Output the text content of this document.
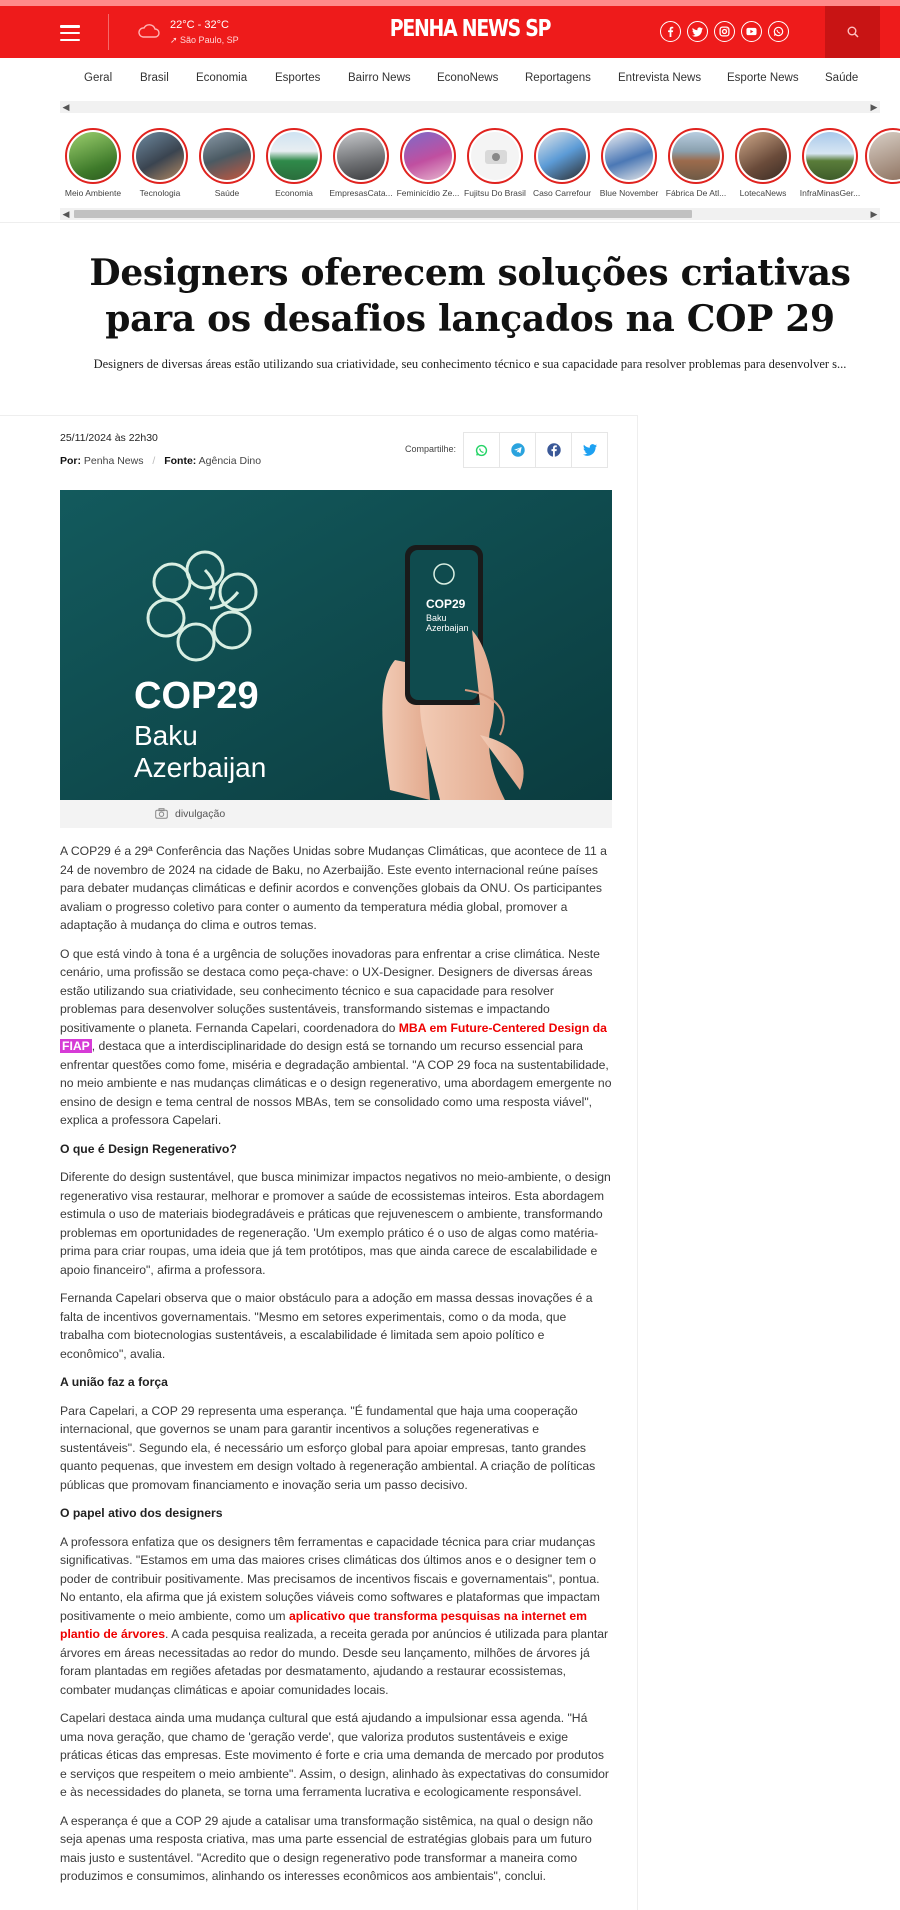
22°C - 32°C
➚ São Paulo, SP	PENHA NEWS SP
Geral Brasil Economia Esportes Bairro News EconoNews Reportagens Entrevista News Esporte News Saúde
◀	▶
Meio Ambiente	Tecnologia	Saúde	Economia	EmpresasCata... Feminicídio Ze... Fujitsu Do Brasil Caso Carrefour	Blue November Fábrica De Atl...	LotecaNews	InfraMinasGer...
◀	▶
Designers oferecem soluções criativas para os desafios lançados na COP 29

Designers de diversas áreas estão utilizando sua criatividade, seu conhecimento técnico e sua capacidade para resolver problemas para desenvolver s...

25/11/2024 às 22h30
Por: Penha News / Fonte: Agência Dino
Compartilhe:
COP29
Baku
Azerbaijan
COP29
Baku
Azerbaijan
divulgação

A COP29 é a 29ª Conferência das Nações Unidas sobre Mudanças Climáticas, que acontece de 11 a 24 de novembro de 2024 na cidade de Baku, no Azerbaijão. Este evento internacional reúne países para debater mudanças climáticas e definir acordos e convenções globais da ONU. Os participantes avaliam o progresso coletivo para conter o aumento da temperatura média global, promover a adaptação à mudança do clima e outros temas.

O que está vindo à tona é a urgência de soluções inovadoras para enfrentar a crise climática. Neste cenário, uma profissão se destaca como peça-chave: o UX-Designer. Designers de diversas áreas estão utilizando sua criatividade, seu conhecimento técnico e sua capacidade para resolver problemas para desenvolver soluções sustentáveis, transformando sistemas e impactando positivamente o planeta. Fernanda Capelari, coordenadora do MBA em Future-Centered Design da FIAP , destaca que a interdisciplinaridade do design está se tornando um recurso essencial para enfrentar questões como fome, miséria e degradação ambiental. "A COP 29 foca na sustentabilidade, no meio ambiente e nas mudanças climáticas e o design regenerativo, uma abordagem emergente no ensino de design e tema central de nossos MBAs, tem se consolidado como uma resposta viável", explica a professora Capelari.

O que é Design Regenerativo?

Diferente do design sustentável, que busca minimizar impactos negativos no meio-ambiente, o design regenerativo visa restaurar, melhorar e promover a saúde de ecossistemas inteiros. Esta abordagem estimula o uso de materiais biodegradáveis e práticas que rejuvenescem o ambiente, transformando problemas em oportunidades de regeneração. 'Um exemplo prático é o uso de algas como matéria-prima para criar roupas, uma ideia que já tem protótipos, mas que ainda carece de escalabilidade e apoio financeiro", afirma a professora.

Fernanda Capelari observa que o maior obstáculo para a adoção em massa dessas inovações é a falta de incentivos governamentais. "Mesmo em setores experimentais, como o da moda, que trabalha com biotecnologias sustentáveis, a escalabilidade é limitada sem apoio político e econômico", avalia.

A união faz a força

Para Capelari, a COP 29 representa uma esperança. "É fundamental que haja uma cooperação internacional, que governos se unam para garantir incentivos a soluções regenerativas e sustentáveis". Segundo ela, é necessário um esforço global para apoiar empresas, tanto grandes quanto pequenas, que investem em design voltado à regeneração ambiental. A criação de políticas públicas que promovam financiamento e inovação seria um passo decisivo.

O papel ativo dos designers

A professora enfatiza que os designers têm ferramentas e capacidade técnica para criar mudanças significativas. "Estamos em uma das maiores crises climáticas dos últimos anos e o designer tem o poder de contribuir positivamente. Mas precisamos de incentivos fiscais e governamentais", pontua. No entanto, ela afirma que já existem soluções viáveis como softwares e plataformas que impactam positivamente o meio ambiente, como um aplicativo que transforma pesquisas na internet em plantio de árvores. A cada pesquisa realizada, a receita gerada por anúncios é utilizada para plantar árvores em áreas necessitadas ao redor do mundo. Desde seu lançamento, milhões de árvores já foram plantadas em regiões afetadas por desmatamento, ajudando a restaurar ecossistemas, combater mudanças climáticas e apoiar comunidades locais.

Capelari destaca ainda uma mudança cultural que está ajudando a impulsionar essa agenda. "Há uma nova geração, que chamo de 'geração verde', que valoriza produtos sustentáveis e exige práticas éticas das empresas. Este movimento é forte e cria uma demanda de mercado por produtos e serviços que respeitem o meio ambiente". Assim, o design, alinhado às expectativas do consumidor e às necessidades do planeta, se torna uma ferramenta lucrativa e ecologicamente responsável.

A esperança é que a COP 29 ajude a catalisar uma transformação sistêmica, na qual o design não seja apenas uma resposta criativa, mas uma parte essencial de estratégias globais para um futuro mais justo e sustentável. "Acredito que o design regenerativo pode transformar a maneira como produzimos e consumimos, alinhando os interesses econômicos aos ambientais", conclui.
